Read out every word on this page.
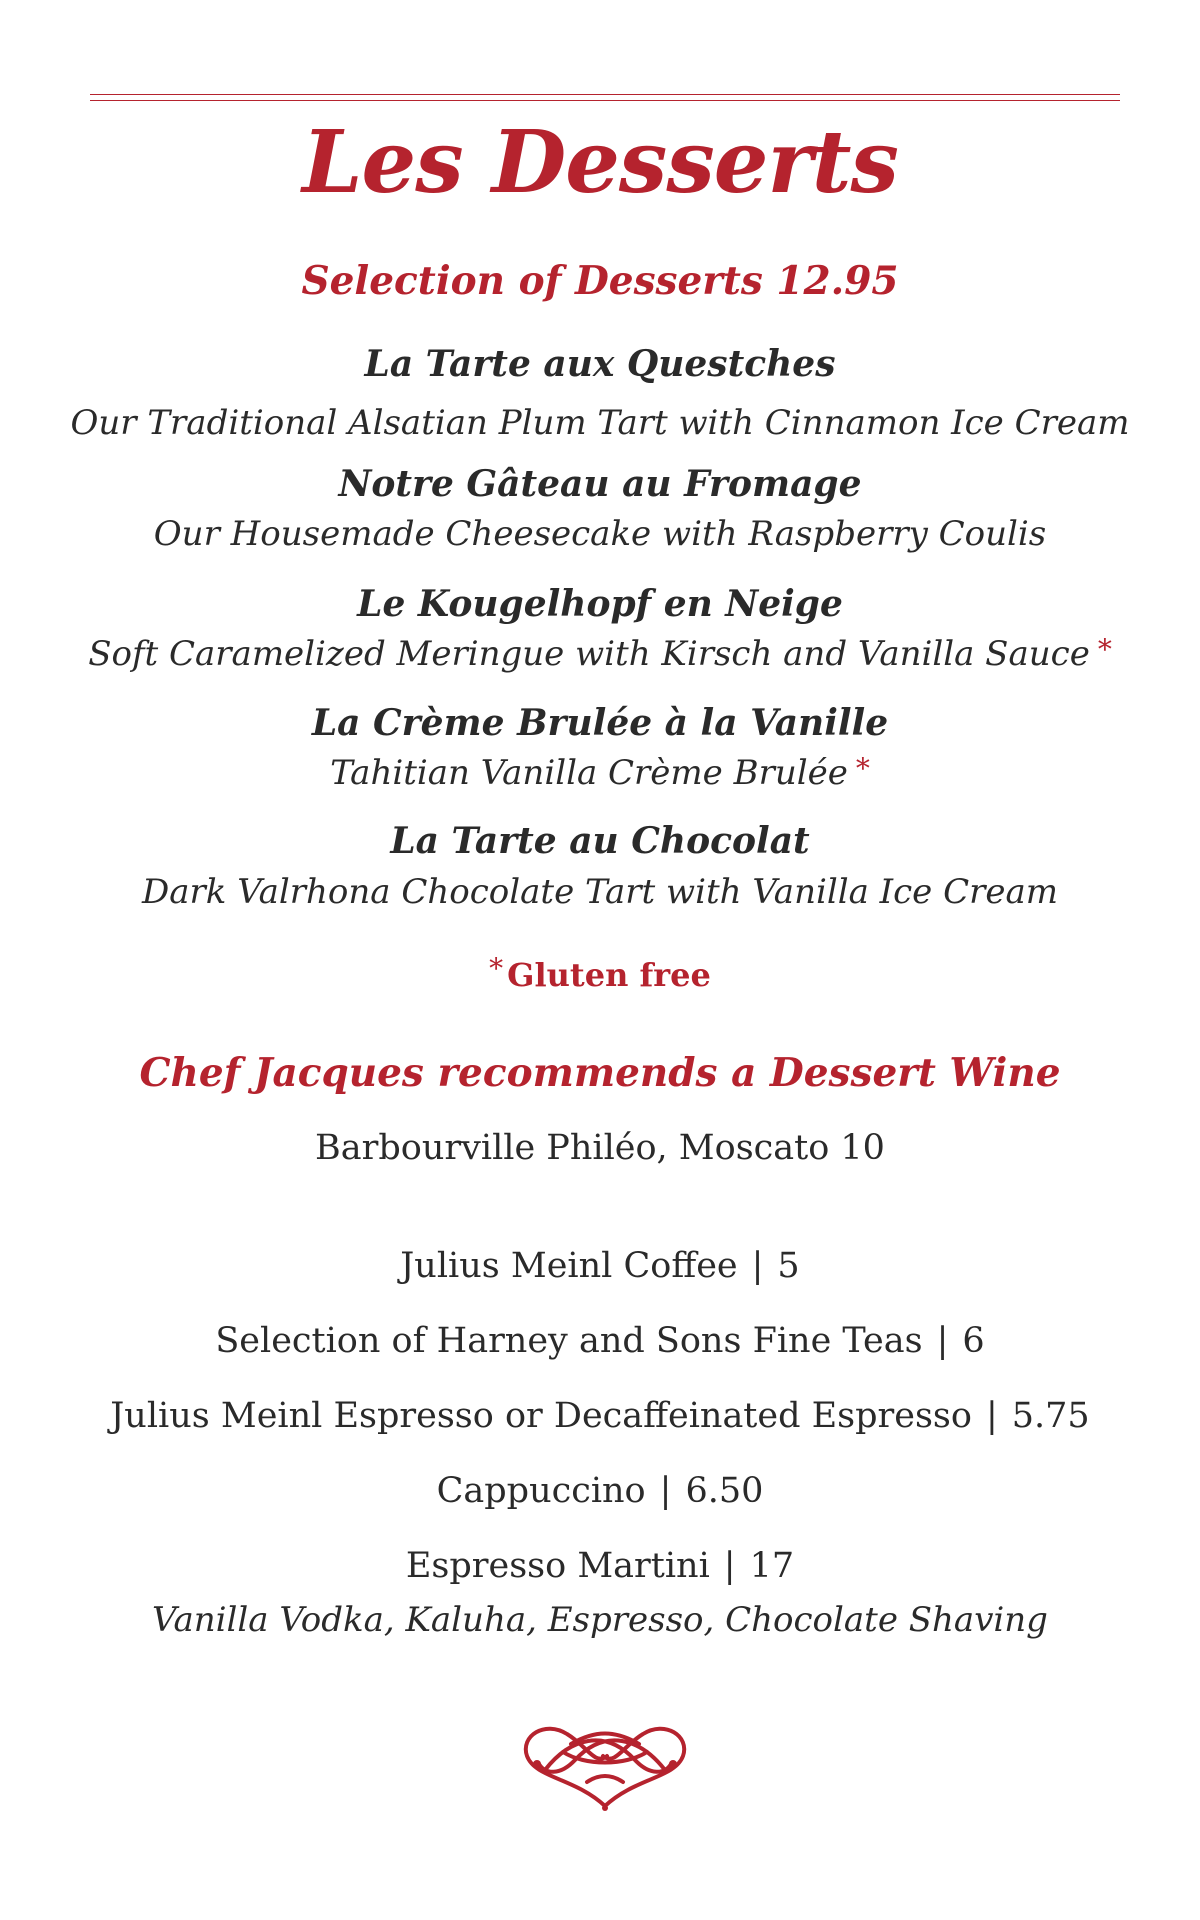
Les Desserts
Selection of Desserts 12.95
La Tarte aux Questches
Our Traditional Alsatian Plum Tart with Cinnamon Ice Cream
Notre Gâteau au Fromage
Our Housemade Cheesecake with Raspberry Coulis
Le Kougelhopf en Neige
Soft Caramelized Meringue with Kirsch and Vanilla Sauce *
La Crème Brulée à la Vanille
Tahitian Vanilla Crème Brulée *
La Tarte au Chocolat
Dark Valrhona Chocolate Tart with Vanilla Ice Cream
* Gluten free
Chef Jacques recommends a Dessert Wine
Barbourville Philéo, Moscato 10
Julius Meinl Coffee | 5
Selection of Harney and Sons Fine Teas | 6
Julius Meinl Espresso or Decaffeinated Espresso | 5.75
Cappuccino | 6.50
Espresso Martini | 17
Vanilla Vodka, Kaluha, Espresso, Chocolate Shaving
